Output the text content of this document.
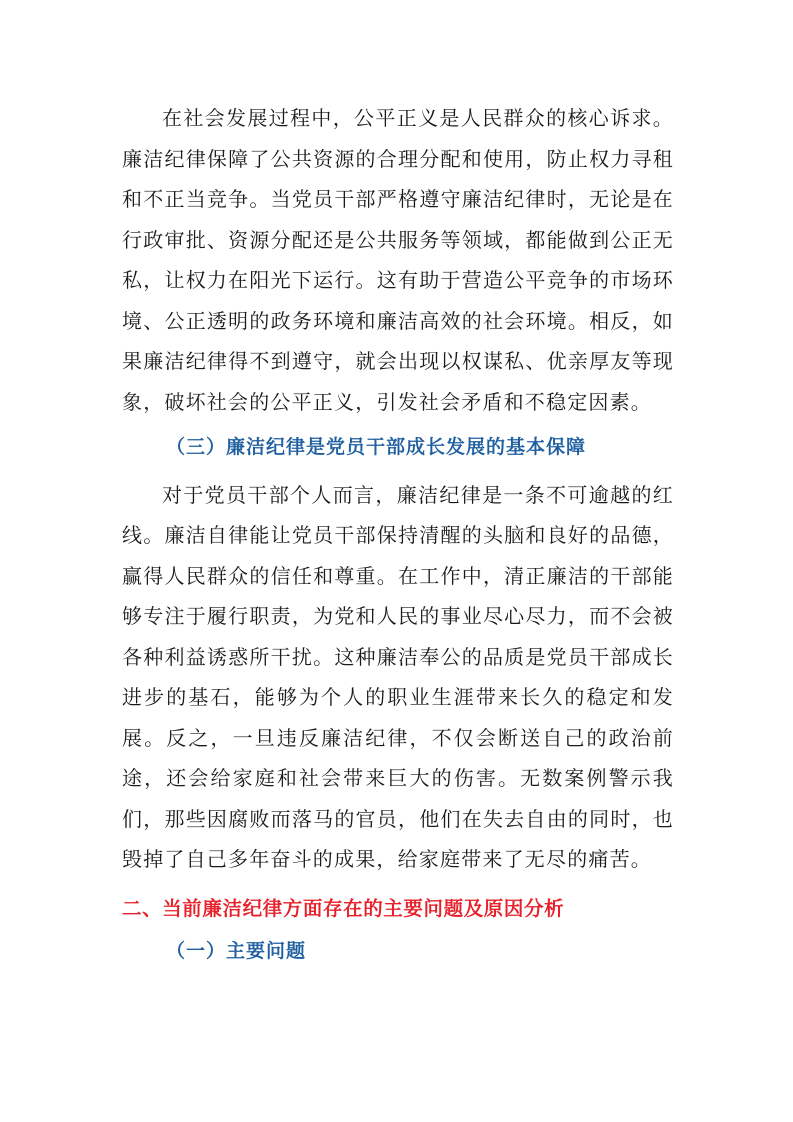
在社会发展过程中，公平正义是人民群众的核心诉求。廉洁纪律保障了公共资源的合理分配和使用，防止权力寻租和不正当竞争。当党员干部严格遵守廉洁纪律时，无论是在行政审批、资源分配还是公共服务等领域，都能做到公正无私，让权力在阳光下运行。这有助于营造公平竞争的市场环境、公正透明的政务环境和廉洁高效的社会环境。相反，如果廉洁纪律得不到遵守，就会出现以权谋私、优亲厚友等现象，破坏社会的公平正义，引发社会矛盾和不稳定因素。

（三）廉洁纪律是党员干部成长发展的基本保障

对于党员干部个人而言，廉洁纪律是一条不可逾越的红线。廉洁自律能让党员干部保持清醒的头脑和良好的品德，赢得人民群众的信任和尊重。在工作中，清正廉洁的干部能够专注于履行职责，为党和人民的事业尽心尽力，而不会被各种利益诱惑所干扰。这种廉洁奉公的品质是党员干部成长进步的基石，能够为个人的职业生涯带来长久的稳定和发展。反之，一旦违反廉洁纪律，不仅会断送自己的政治前途，还会给家庭和社会带来巨大的伤害。无数案例警示我们，那些因腐败而落马的官员，他们在失去自由的同时，也毁掉了自己多年奋斗的成果，给家庭带来了无尽的痛苦。

二、当前廉洁纪律方面存在的主要问题及原因分析

（一）主要问题
